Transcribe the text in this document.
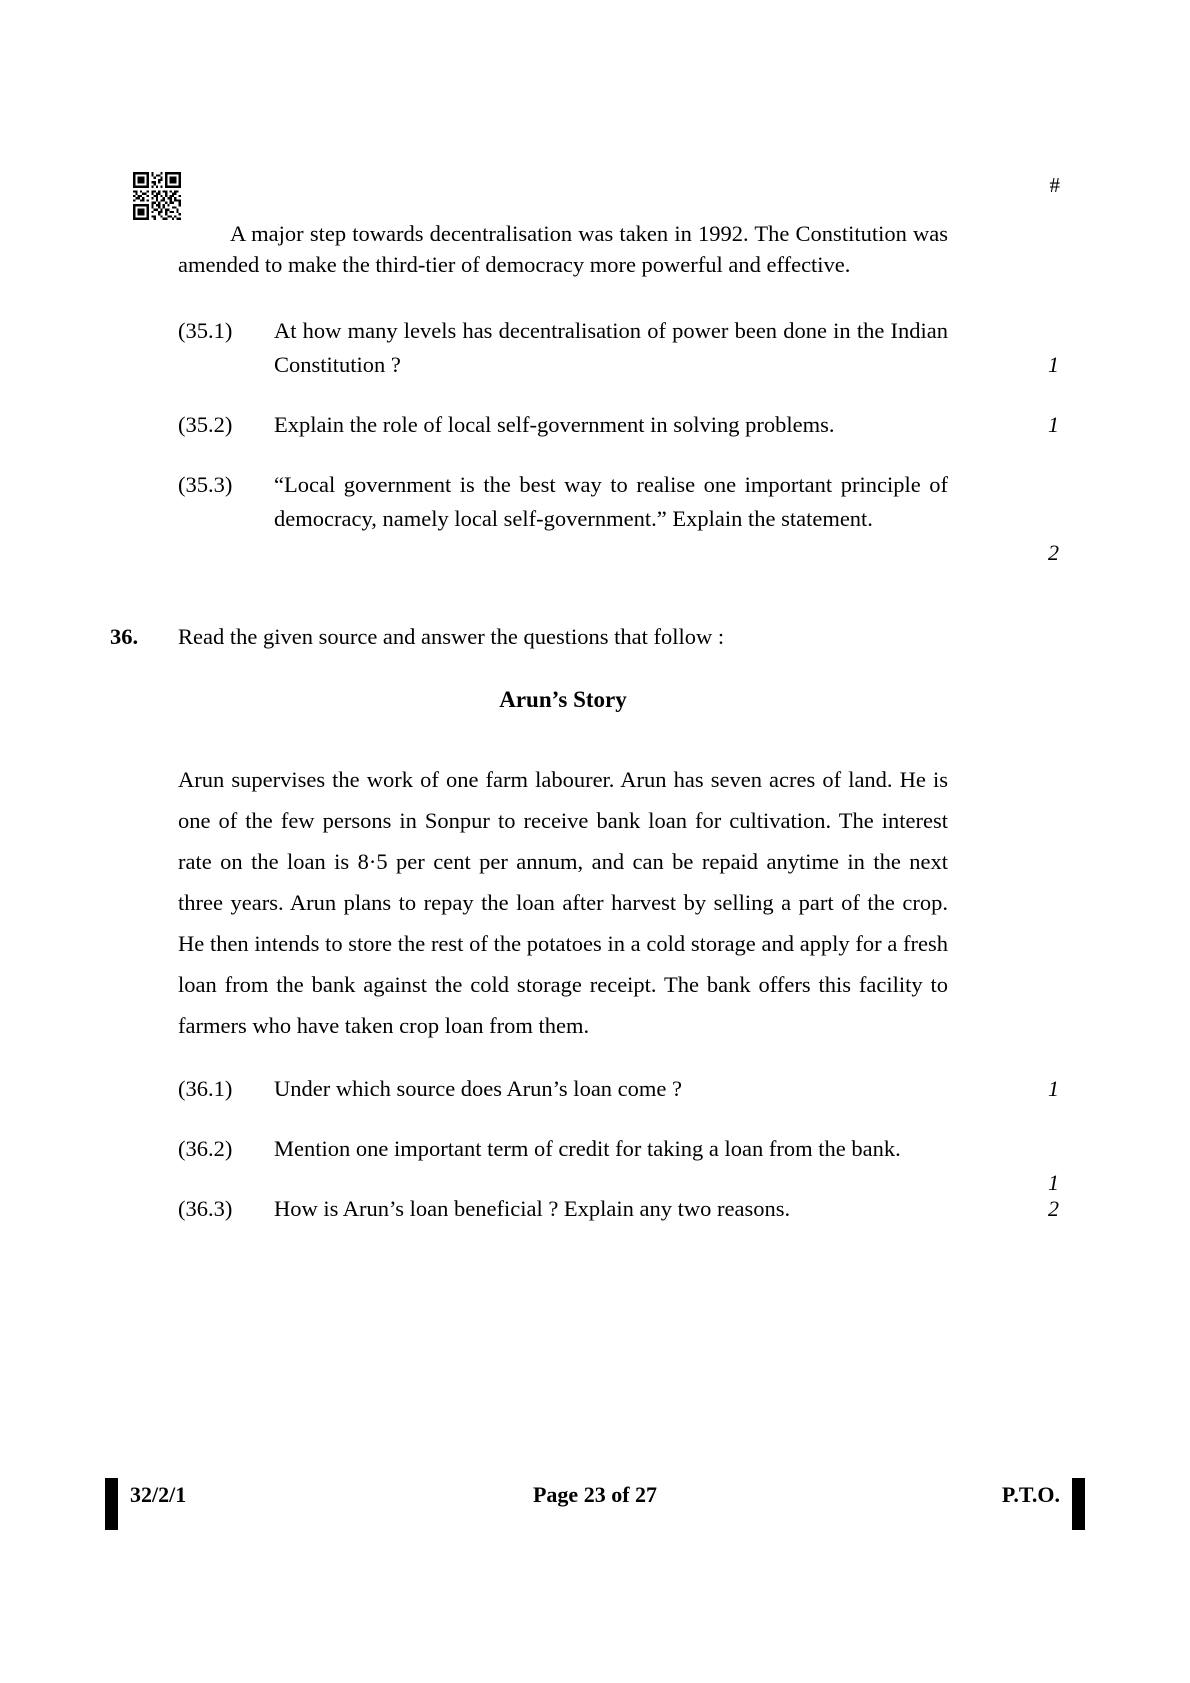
#

A major step towards decentralisation was taken in 1992. The Constitution was amended to make the third-tier of democracy more powerful and effective.

(35.1)	At how many levels has decentralisation of power been done in the Indian Constitution ?	1
(35.2)	Explain the role of local self-government in solving problems.	1
(35.3)	“Local government is the best way to realise one important principle of democracy, namely local self-government.” Explain the statement.
2
36.	Read the given source and answer the questions that follow :
Arun’s Story

Arun supervises the work of one farm labourer. Arun has seven acres of land. He is one of the few persons in Sonpur to receive bank loan for cultivation. The interest rate on the loan is 8·5 per cent per annum, and can be repaid anytime in the next three years. Arun plans to repay the loan after harvest by selling a part of the crop. He then intends to store the rest of the potatoes in a cold storage and apply for a fresh loan from the bank against the cold storage receipt. The bank offers this facility to farmers who have taken crop loan from them.

(36.1)	Under which source does Arun’s loan come ?	1
(36.2)	Mention one important term of credit for taking a loan from the bank.
1
(36.3)	How is Arun’s loan beneficial ? Explain any two reasons.	2
32/2/1	Page 23 of 27	P.T.O.
